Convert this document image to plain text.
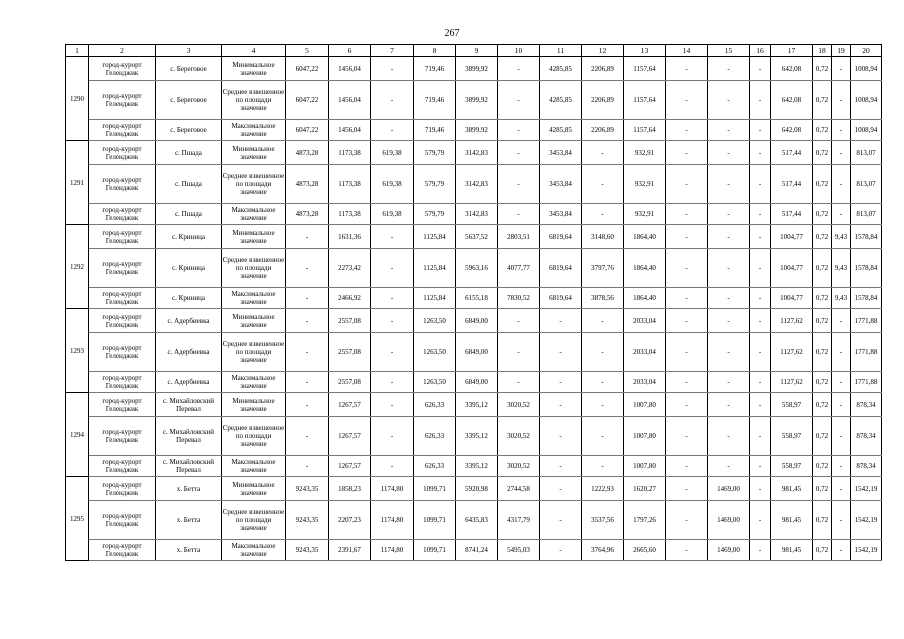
267
1	2	3	4	5	6	7	8	9	10	11	12	13	14	15	16	17	18	19	20
1290	город-курорт Геленджик	с. Береговое	Минимальное значение	6047,22	1456,04	-	719,46	3899,92	-	4285,85	2206,89	1157,64	-	-	-	642,08	0,72	-	1008,94
	город-курорт Геленджик	с. Береговое	Среднее взвешенное по площади значение	6047,22	1456,04	-	719,46	3899,92	-	4285,85	2206,89	1157,64	-	-	-	642,08	0,72	-	1008,94
	город-курорт Геленджик	с. Береговое	Максимальное значение	6047,22	1456,04	-	719,46	3899,92	-	4285,85	2206,89	1157,64	-	-	-	642,08	0,72	-	1008,94
1291	город-курорт Геленджик	с. Пшада	Минимальное значение	4873,28	1173,38	619,38	579,79	3142,83	-	3453,84	-	932,91	-	-	-	517,44	0,72	-	813,07
	город-курорт Геленджик	с. Пшада	Среднее взвешенное по площади значение	4873,28	1173,38	619,38	579,79	3142,83	-	3453,84	-	932,91	-	-	-	517,44	0,72	-	813,07
	город-курорт Геленджик	с. Пшада	Максимальное значение	4873,28	1173,38	619,38	579,79	3142,83	-	3453,84	-	932,91	-	-	-	517,44	0,72	-	813,07
1292	город-курорт Геленджик	с. Криница	Минимальное значение	-	1631,36	-	1125,84	5637,52	2803,51	6819,64	3148,60	1864,40	-	-	-	1004,77	0,72	9,43	1578,84
	город-курорт Геленджик	с. Криница	Среднее взвешенное по площади значение	-	2273,42	-	1125,84	5963,16	4077,77	6819,64	3797,76	1864,40	-	-	-	1004,77	0,72	9,43	1578,84
	город-курорт Геленджик	с. Криница	Максимальное значение	-	2466,92	-	1125,84	6155,18	7830,52	6819,64	3878,56	1864,40	-	-	-	1004,77	0,72	9,43	1578,84
1293	город-курорт Геленджик	с. Адербиевка	Минимальное значение	-	2557,08	-	1263,50	6849,00	-	-	-	2033,04	-	-	-	1127,62	0,72	-	1771,88
	город-курорт Геленджик	с. Адербиевка	Среднее взвешенное по площади значение	-	2557,08	-	1263,50	6849,00	-	-	-	2033,04	-	-	-	1127,62	0,72	-	1771,88
	город-курорт Геленджик	с. Адербиевка	Максимальное значение	-	2557,08	-	1263,50	6849,00	-	-	-	2033,04	-	-	-	1127,62	0,72	-	1771,88
1294	город-курорт Геленджик	с. Михайловский Перевал	Минимальное значение	-	1267,57	-	626,33	3395,12	3020,52	-	-	1007,80	-	-	-	558,97	0,72	-	878,34
	город-курорт Геленджик	с. Михайловский Перевал	Среднее взвешенное по площади значение	-	1267,57	-	626,33	3395,12	3020,52	-	-	1007,80	-	-	-	558,97	0,72	-	878,34
	город-курорт Геленджик	с. Михайловский Перевал	Максимальное значение	-	1267,57	-	626,33	3395,12	3020,52	-	-	1007,80	-	-	-	558,97	0,72	-	878,34
1295	город-курорт Геленджик	х. Бетта	Минимальное значение	9243,35	1858,23	1174,80	1099,71	5920,98	2744,58	-	1222,93	1620,27	-	1469,00	-	981,45	0,72	-	1542,19
	город-курорт Геленджик	х. Бетта	Среднее взвешенное по площади значение	9243,35	2207,23	1174,80	1099,71	6435,83	4317,79	-	3537,56	1797,26	-	1469,00	-	981,45	0,72	-	1542,19
	город-курорт Геленджик	х. Бетта	Максимальное значение	9243,35	2391,67	1174,80	1099,71	8741,24	5495,03	-	3764,96	2665,60	-	1469,00	-	981,45	0,72	-	1542,19
